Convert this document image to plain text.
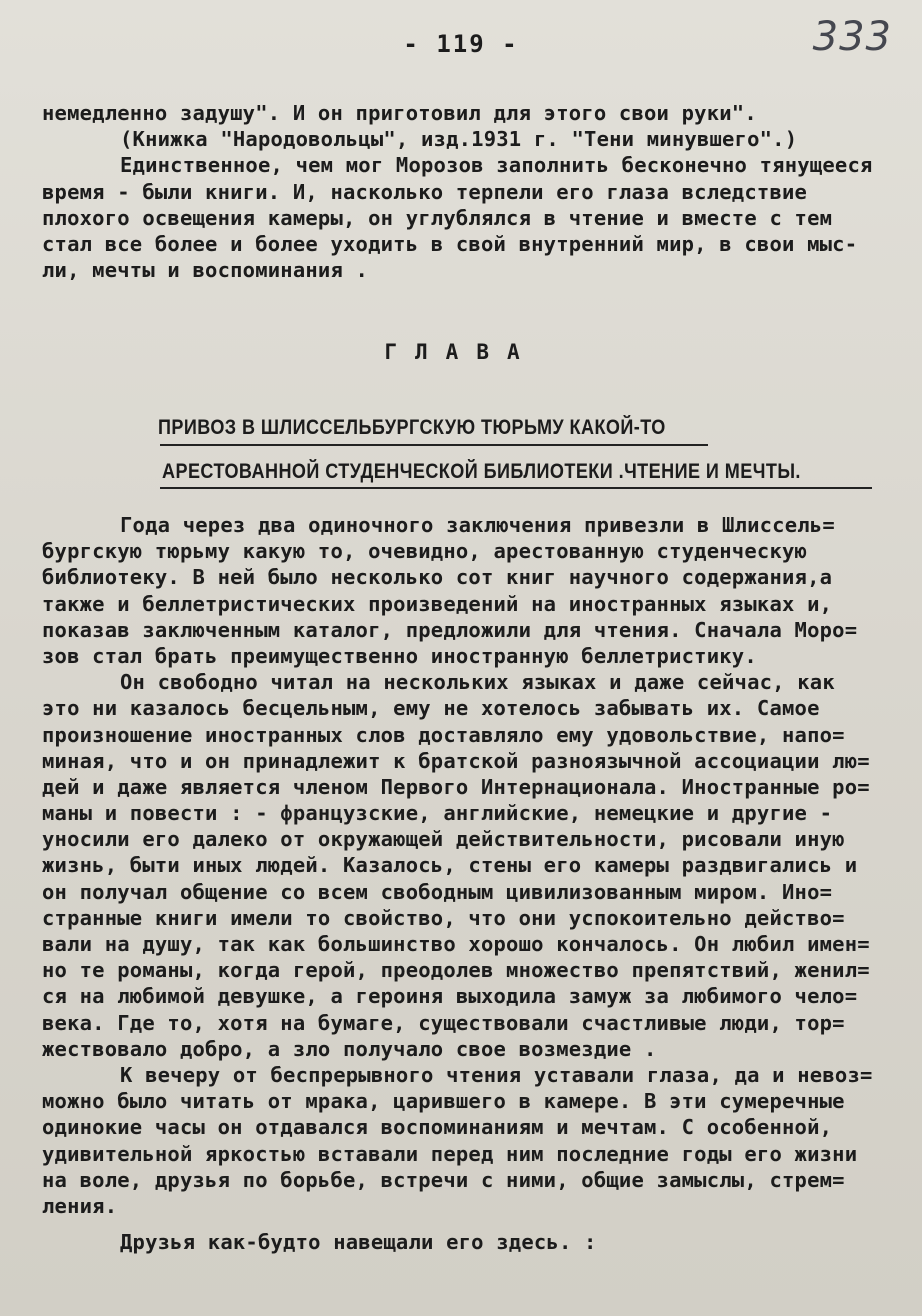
333
- 119 -
немедленно задушу". И он приготовил для этого свои руки".
(Книжка "Народовольцы", изд.1931 г. "Тени минувшего".)
Единственное, чем мог Морозов заполнить бесконечно тянущееся
время - были книги. И, насколько терпели его глаза вследствие
плохого освещения камеры, он углублялся в чтение и вместе с тем
стал все более и более уходить в свой внутренний мир, в свои мыс-
ли, мечты и воспоминания .
ГЛАВА
ПРИВОЗ В ШЛИССЕЛЬБУРГСКУЮ ТЮРЬМУ КАКОЙ-ТО
АРЕСТОВАННОЙ СТУДЕНЧЕСКОЙ БИБЛИОТЕКИ .ЧТЕНИЕ И МЕЧТЫ.
Года через два одиночного заключения привезли в Шлиссель=
бургскую тюрьму какую то, очевидно, арестованную студенческую
библиотеку. В ней было несколько сот книг научного содержания,а
также и беллетристических произведений на иностранных языках и,
показав заключенным каталог, предложили для чтения. Сначала Моро=
зов стал брать преимущественно иностранную беллетристику.
Он свободно читал на нескольких языках и даже сейчас, как
это ни казалось бесцельным, ему не хотелось забывать их. Самое
произношение иностранных слов доставляло ему удовольствие, напо=
миная, что и он принадлежит к братской разноязычной ассоциации лю=
дей и даже является членом Первого Интернационала. Иностранные ро=
маны и повести : - французские, английские, немецкие и другие -
уносили его далеко от окружающей действительности, рисовали иную
жизнь, быти иных людей. Казалось, стены его камеры раздвигались и
он получал общение со всем свободным цивилизованным миром. Ино=
странные книги имели то свойство, что они успокоительно действо=
вали на душу, так как большинство хорошо кончалось. Он любил имен=
но те романы, когда герой, преодолев множество препятствий, женил=
ся на любимой девушке, а героиня выходила замуж за любимого чело=
века. Где то, хотя на бумаге, существовали счастливые люди, тор=
жествовало добро, а зло получало свое возмездие .
К вечеру от беспрерывного чтения уставали глаза, да и невоз=
можно было читать от мрака, царившего в камере. В эти сумеречные
одинокие часы он отдавался воспоминаниям и мечтам. С особенной,
удивительной яркостью вставали перед ним последние годы его жизни
на воле, друзья по борьбе, встречи с ними, общие замыслы, стрем=
ления.
Друзья как-будто навещали его здесь. :
